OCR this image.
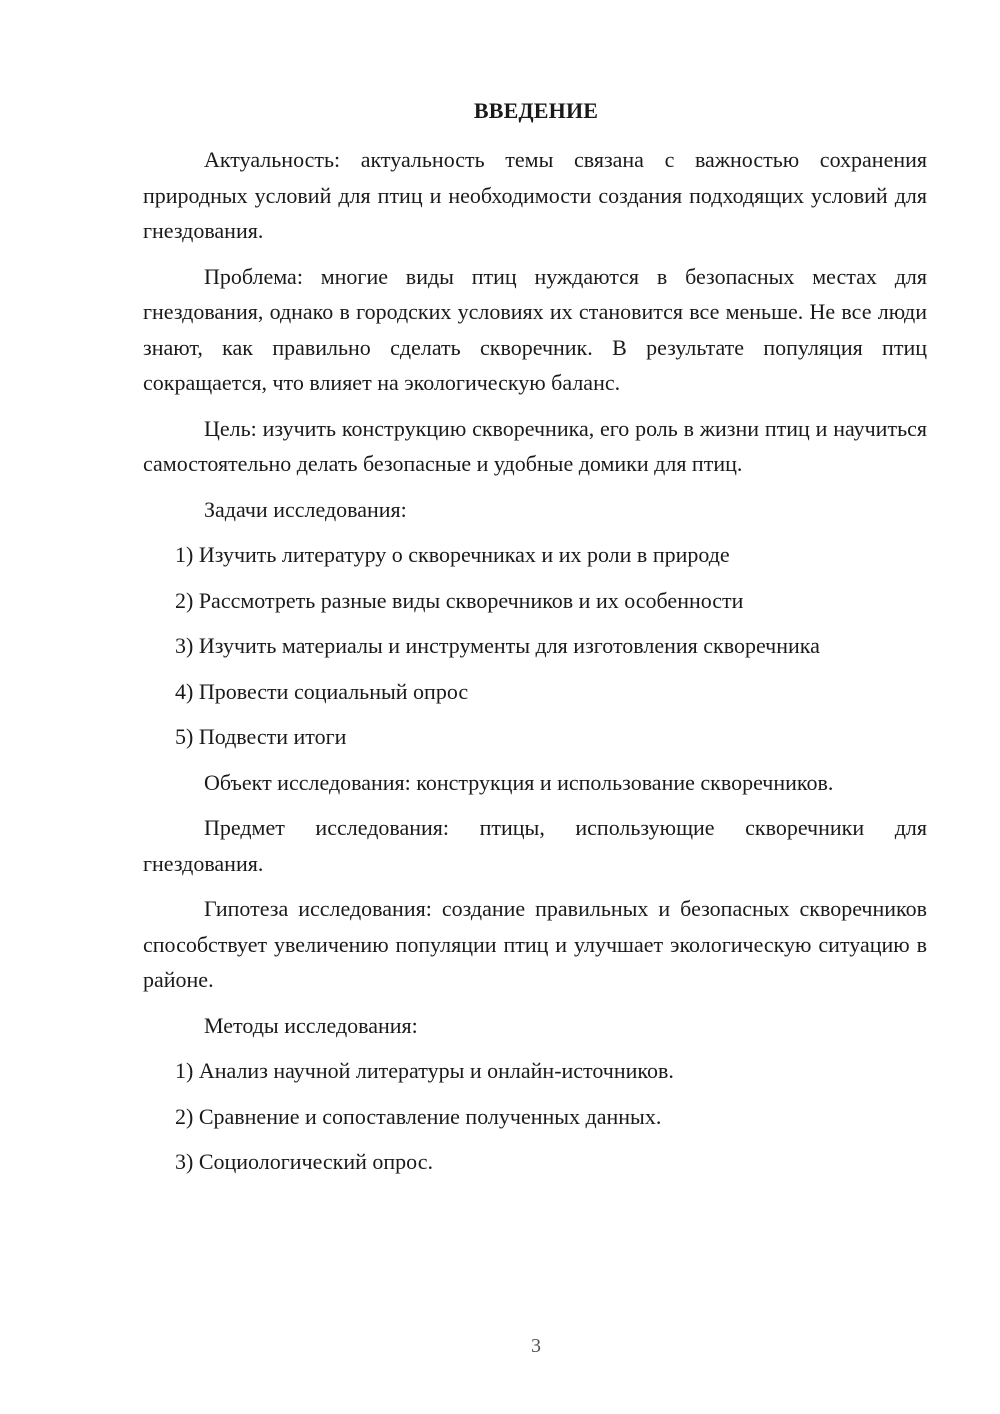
ВВЕДЕНИЕ

Актуальность: актуальность темы связана с важностью сохранения природных условий для птиц и необходимости создания подходящих условий для гнездования.

Проблема: многие виды птиц нуждаются в безопасных местах для гнездования, однако в городских условиях их становится все меньше. Не все люди знают, как правильно сделать скворечник. В результате популяция птиц сокращается, что влияет на экологическую баланс.

Цель: изучить конструкцию скворечника, его роль в жизни птиц и научиться самостоятельно делать безопасные и удобные домики для птиц.

Задачи исследования:

1) Изучить литературу о скворечниках и их роли в природе

2) Рассмотреть разные виды скворечников и их особенности

3) Изучить материалы и инструменты для изготовления скворечника

4) Провести социальный опрос

5) Подвести итоги

Объект исследования: конструкция и использование скворечников.

Предмет исследования: птицы, использующие скворечники для гнездования.

Гипотеза исследования: создание правильных и безопасных скворечников способствует увеличению популяции птиц и улучшает экологическую ситуацию в районе.

Методы исследования:

1) Анализ научной литературы и онлайн-источников.

2) Сравнение и сопоставление полученных данных.

3) Социологический опрос.

3
